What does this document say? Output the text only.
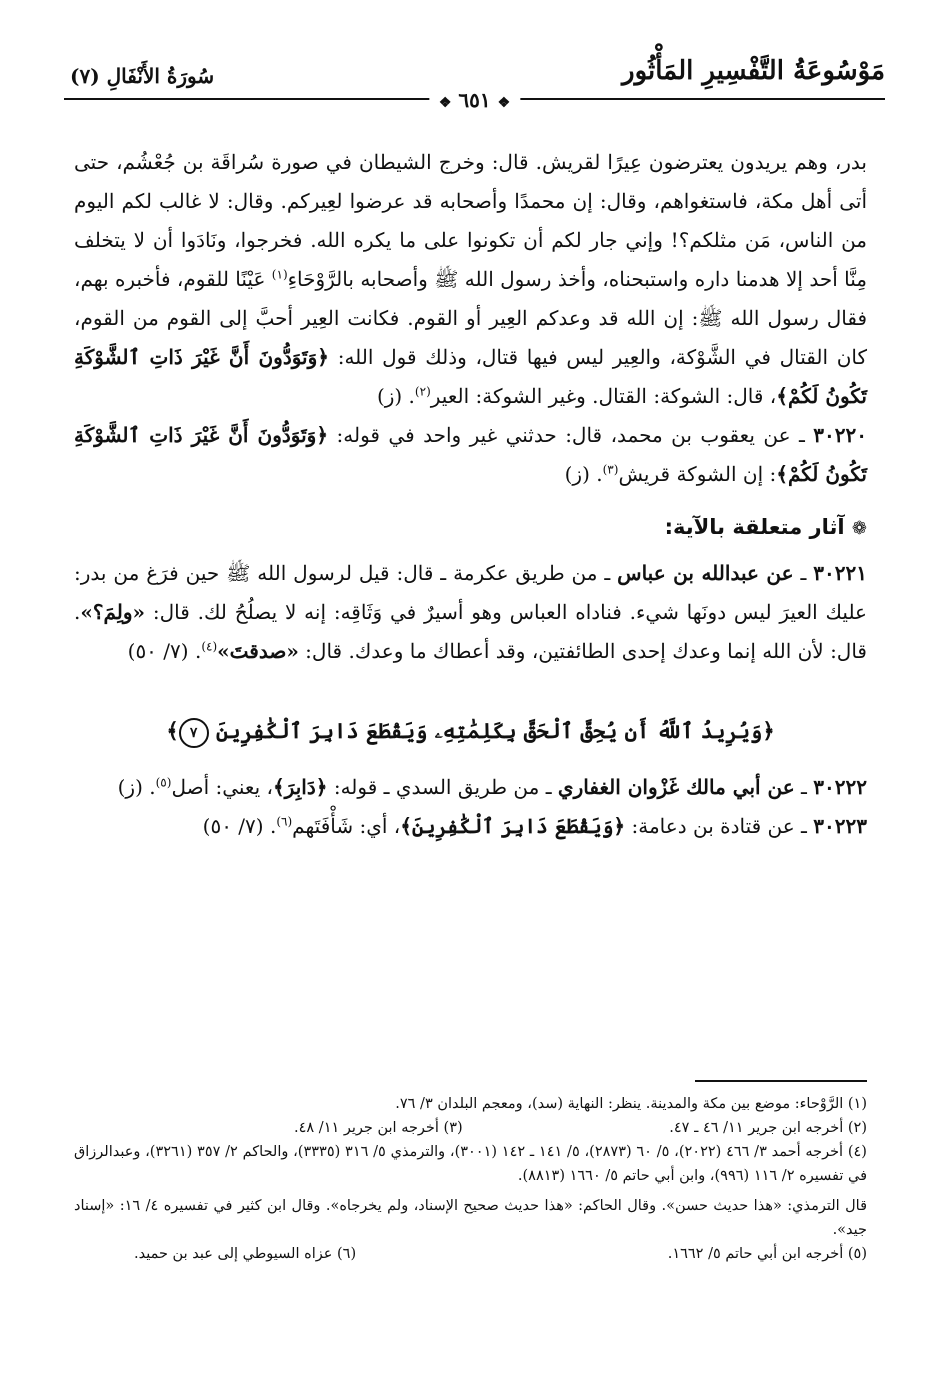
مَوْسُوعَةُ التَّفْسِيرِ المَأْثُور
سُورَةُ الأَنْفَالِ (٧)
❖ ٦٥١ ❖

بدر، وهم يريدون يعترضون عِيرًا لقريش. قال: وخرج الشيطان في صورة سُراقَة بن جُعْشُم، حتى أتى أهل مكة، فاستغواهم، وقال: إن محمدًا وأصحابه قد عرضوا لعِيركم. وقال: لا غالب لكم اليوم من الناس، مَن مثلكم؟! وإني جار لكم أن تكونوا على ما يكره الله. فخرجوا، ونَادَوا أن لا يتخلف مِنَّا أحد إلا هدمنا داره واستبحناه، وأخذ رسول الله ﷺ وأصحابه بالرَّوْحَاءِ$^{(١)}$ عَيْنًا للقوم، فأخبره بهم، فقال رسول الله ﷺ: إن الله قد وعدكم العِير أو القوم. فكانت العِير أحبَّ إلى القوم من القوم، كان القتال في الشَّوْكة، والعِير ليس فيها قتال، وذلك قول الله: ﴿وَتَوَدُّونَ أَنَّ غَيْرَ ذَاتِ ٱلشَّوْكَةِ تَكُونُ لَكُمْ﴾، قال: الشوكة: القتال. وغير الشوكة: العير$^{(٢)}$. (ز)

٣٠٢٢٠ ـ عن يعقوب بن محمد، قال: حدثني غير واحد في قوله: ﴿وَتَوَدُّونَ أَنَّ غَيْرَ ذَاتِ ٱلشَّوْكَةِ تَكُونُ لَكُمْ﴾: إن الشوكة قريش$^{(٣)}$. (ز)

❁ آثار متعلقة بالآية:

٣٠٢٢١ ـ عن عبدالله بن عباس ـ من طريق عكرمة ـ قال: قيل لرسول الله ﷺ حين فرَغ من بدر: عليك العيرَ ليس دونَها شيء. فناداه العباس وهو أسيرٌ في وَثَاقِه: إنه لا يصلُحُ لك. قال: «ولِمَ؟». قال: لأن الله إنما وعدك إحدى الطائفتين، وقد أعطاك ما وعدك. قال: «صدقتَ»$^{(٤)}$. (٧/ ٥٠)

﴿وَيُرِيدُ ٱللَّهُ أَن يُحِقَّ ٱلْحَقَّ بِكَلِمَٰتِهِۦ وَيَقْطَعَ دَابِرَ ٱلْكَٰفِرِينَ ٧﴾

٣٠٢٢٢ ـ عن أبي مالك غَزْوان الغفاري ـ من طريق السدي ـ قوله: ﴿دَابِرَ﴾، يعني: أصل$^{(٥)}$. (ز)

٣٠٢٢٣ ـ عن قتادة بن دعامة: ﴿وَيَقْطَعَ دَابِرَ ٱلْكَٰفِرِينَ﴾، أي: شَأْفَتَهم$^{(٦)}$. (٧/ ٥٠)

(١) الرَّوْحاء: موضع بين مكة والمدينة. ينظر: النهاية (سد)، ومعجم البلدان ٣/ ٧٦.

(٢) أخرجه ابن جرير ١١/ ٤٦ ـ ٤٧.
(٣) أخرجه ابن جرير ١١/ ٤٨.

(٤) أخرجه أحمد ٣/ ٤٦٦ (٢٠٢٢)، ٥/ ٦٠ (٢٨٧٣)، ٥/ ١٤١ ـ ١٤٢ (٣٠٠١)، والترمذي ٥/ ٣١٦ (٣٣٣٥)، والحاكم ٢/ ٣٥٧ (٣٢٦١)، وعبدالرزاق في تفسيره ٢/ ١١٦ (٩٩٦)، وابن أبي حاتم ٥/ ١٦٦٠ (٨٨١٣).

قال الترمذي: «هذا حديث حسن». وقال الحاكم: «هذا حديث صحيح الإسناد، ولم يخرجاه». وقال ابن كثير في تفسيره ٤/ ١٦: «إسناد جيد».

(٥) أخرجه ابن أبي حاتم ٥/ ١٦٦٢.
(٦) عزاه السيوطي إلى عبد بن حميد.
